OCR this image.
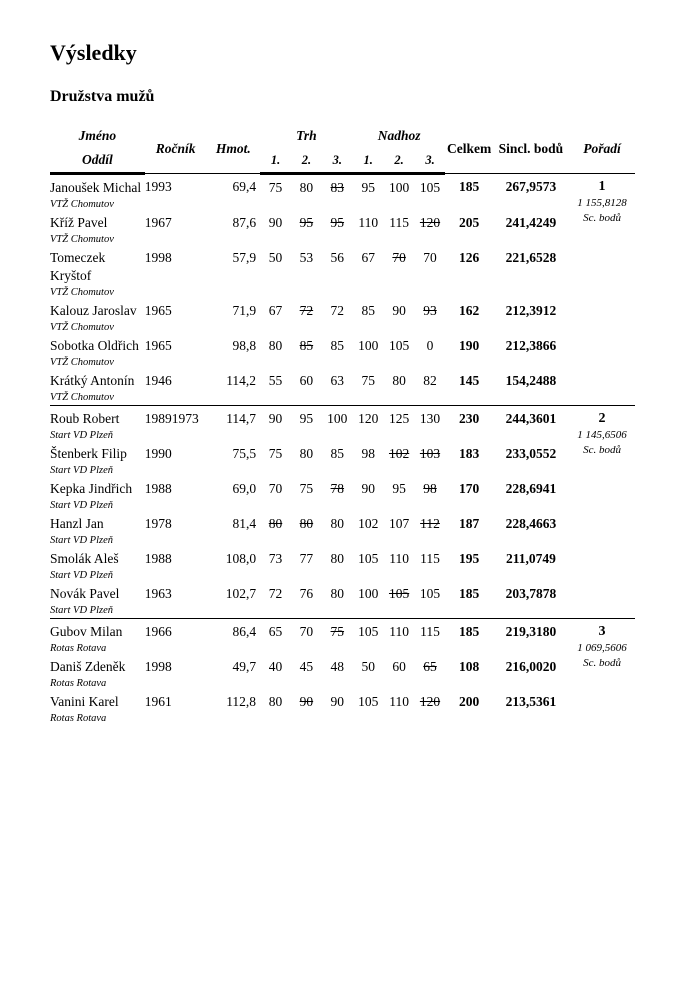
Výsledky
Družstva mužů
Jméno	Ročník	Hmot.	Trh			Nadhoz			Celkem	Sincl. bodů	Pořadí
Oddíl			1.	2.	3.	1.	2.	3.			

Janoušek Michal
VTŽ Chomutov	1993	69,4	75	80	83	95	100	105	185	267,9573	1
1 155,8128
Sc. bodů

Kříž Pavel
VTŽ Chomutov	1967	87,6	90	95	95	110	115	120	205	241,4249	

Tomeczek Kryštof
VTŽ Chomutov	1998	57,9	50	53	56	67	70	70	126	221,6528	

Kalouz Jaroslav
VTŽ Chomutov	1965	71,9	67	72	72	85	90	93	162	212,3912	

Sobotka Oldřich
VTŽ Chomutov	1965	98,8	80	85	85	100	105	0	190	212,3866	

Krátký Antonín
VTŽ Chomutov	1946	114,2	55	60	63	75	80	82	145	154,2488	

Roub Robert
Start VD Plzeň	19891973	114,7	90	95	100	120	125	130	230	244,3601	2
1 145,6506
Sc. bodů

Štenberk Filip
Start VD Plzeň	1990	75,5	75	80	85	98	102	103	183	233,0552	

Kepka Jindřich
Start VD Plzeň	1988	69,0	70	75	78	90	95	98	170	228,6941	

Hanzl Jan
Start VD Plzeň	1978	81,4	80	80	80	102	107	112	187	228,4663	

Smolák Aleš
Start VD Plzeň	1988	108,0	73	77	80	105	110	115	195	211,0749	

Novák Pavel
Start VD Plzeň	1963	102,7	72	76	80	100	105	105	185	203,7878	

Gubov Milan
Rotas Rotava	1966	86,4	65	70	75	105	110	115	185	219,3180	3
1 069,5606
Sc. bodů

Daniš Zdeněk
Rotas Rotava	1998	49,7	40	45	48	50	60	65	108	216,0020	

Vanini Karel
Rotas Rotava	1961	112,8	80	90	90	105	110	120	200	213,5361	
